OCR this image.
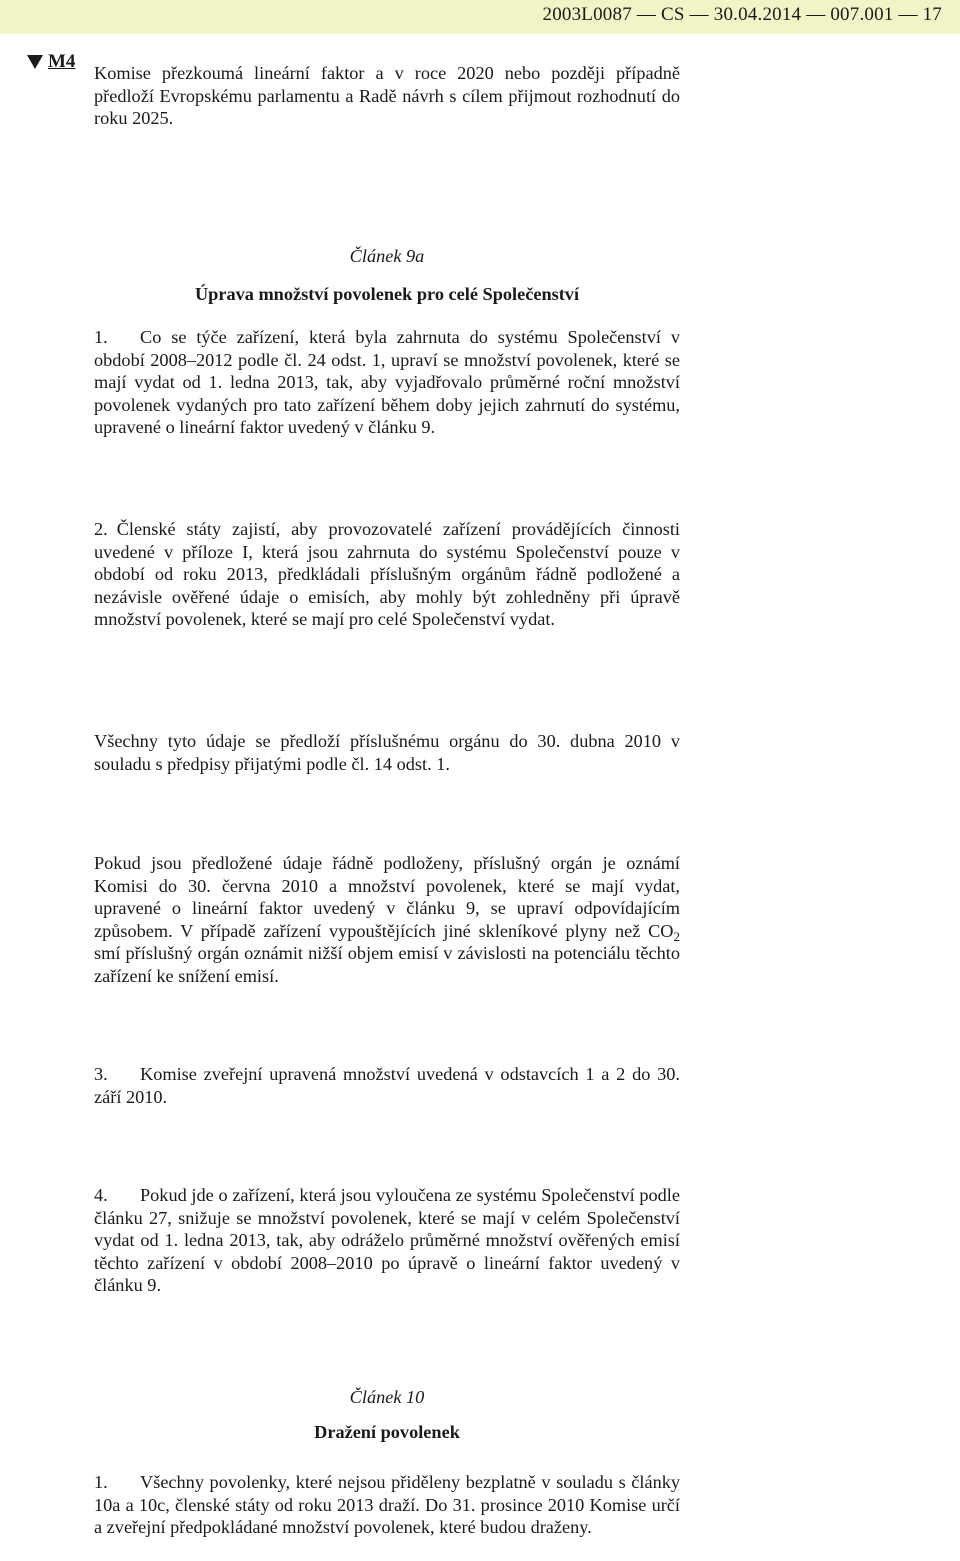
2003L0087 — CS — 30.04.2014 — 007.001 — 17
M4

Komise přezkoumá lineární faktor a v roce 2020 nebo později případně předloží Evropskému parlamentu a Radě návrh s cílem přijmout rozhodnutí do roku 2025.

Článek 9a
Úprava množství povolenek pro celé Společenství

1. Co se týče zařízení, která byla zahrnuta do systému Společenství v období 2008–2012 podle čl. 24 odst. 1, upraví se množství povolenek, které se mají vydat od 1. ledna 2013, tak, aby vyjadřovalo průměrné roční množství povolenek vydaných pro tato zařízení během doby jejich zahrnutí do systému, upravené o lineární faktor uvedený v článku 9.

2. Členské státy zajistí, aby provozovatelé zařízení provádějících činnosti uvedené v příloze I, která jsou zahrnuta do systému Společenství pouze v období od roku 2013, předkládali příslušným orgánům řádně podložené a nezávisle ověřené údaje o emisích, aby mohly být zohledněny při úpravě množství povolenek, které se mají pro celé Společenství vydat.

Všechny tyto údaje se předloží příslušnému orgánu do 30. dubna 2010 v souladu s předpisy přijatými podle čl. 14 odst. 1.

Pokud jsou předložené údaje řádně podloženy, příslušný orgán je oznámí Komisi do 30. června 2010 a množství povolenek, které se mají vydat, upravené o lineární faktor uvedený v článku 9, se upraví odpovídajícím způsobem. V případě zařízení vypouštějících jiné skleníkové plyny než $CO_2$ smí příslušný orgán oznámit nižší objem emisí v závislosti na potenciálu těchto zařízení ke snížení emisí.

3. Komise zveřejní upravená množství uvedená v odstavcích 1 a 2 do 30. září 2010.

4. Pokud jde o zařízení, která jsou vyloučena ze systému Společenství podle článku 27, snižuje se množství povolenek, které se mají v celém Společenství vydat od 1. ledna 2013, tak, aby odráželo průměrné množství ověřených emisí těchto zařízení v období 2008–2010 po úpravě o lineární faktor uvedený v článku 9.

Článek 10
Dražení povolenek

1. Všechny povolenky, které nejsou přiděleny bezplatně v souladu s články 10a a 10c, členské státy od roku 2013 draží. Do 31. prosince 2010 Komise určí a zveřejní předpokládané množství povolenek, které budou draženy.
